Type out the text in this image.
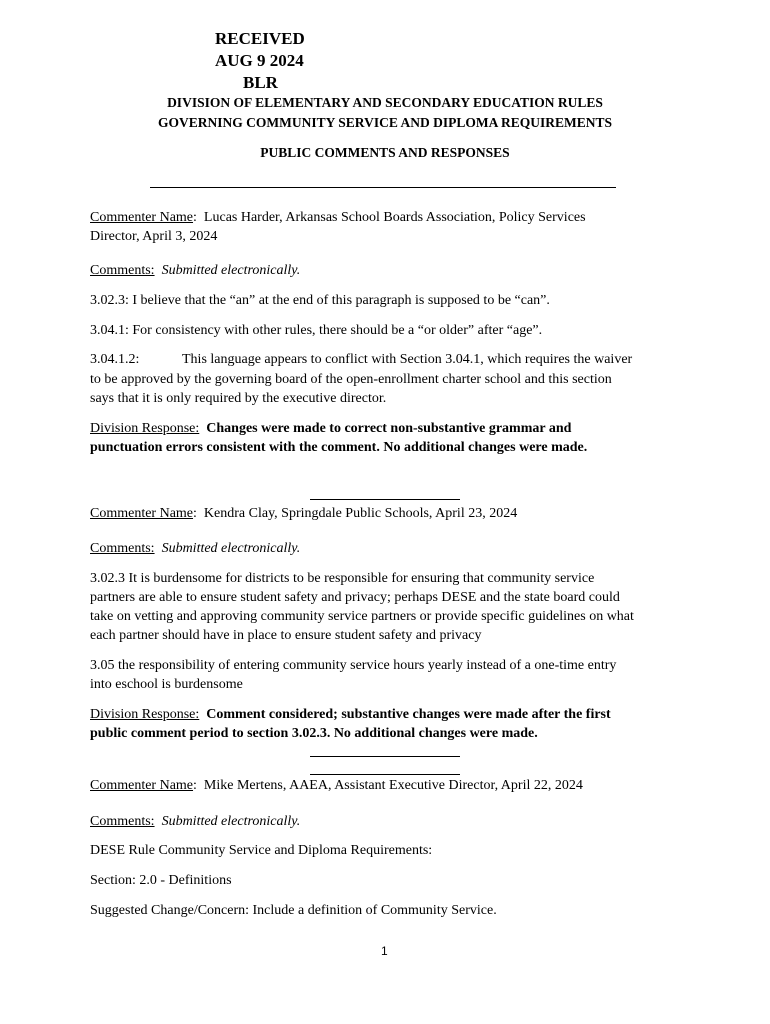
RECEIVED
AUG 9 2024
BLR
DIVISION OF ELEMENTARY AND SECONDARY EDUCATION RULES
GOVERNING COMMUNITY SERVICE AND DIPLOMA REQUIREMENTS
PUBLIC COMMENTS AND RESPONSES
Commenter Name:  Lucas Harder, Arkansas School Boards Association, Policy Services
Director, April 3, 2024
Comments: Submitted electronically.
3.02.3: I believe that the “an” at the end of this paragraph is supposed to be “can”.
3.04.1: For consistency with other rules, there should be a “or older” after “age”.
3.04.1.2:	This language appears to conflict with Section 3.04.1, which requires the waiver
to be approved by the governing board of the open-enrollment charter school and this section
says that it is only required by the executive director.
Division Response: Changes were made to correct non-substantive grammar and
punctuation errors consistent with the comment. No additional changes were made.
Commenter Name:  Kendra Clay, Springdale Public Schools, April 23, 2024
Comments: Submitted electronically.
3.02.3 It is burdensome for districts to be responsible for ensuring that community service
partners are able to ensure student safety and privacy; perhaps DESE and the state board could
take on vetting and approving community service partners or provide specific guidelines on what
each partner should have in place to ensure student safety and privacy
3.05 the responsibility of entering community service hours yearly instead of a one-time entry
into eschool is burdensome
Division Response: Comment considered; substantive changes were made after the first
public comment period to section 3.02.3. No additional changes were made.
Commenter Name:  Mike Mertens, AAEA, Assistant Executive Director, April 22, 2024
Comments: Submitted electronically.
DESE Rule Community Service and Diploma Requirements:
Section: 2.0 - Definitions
Suggested Change/Concern: Include a definition of Community Service.
1
